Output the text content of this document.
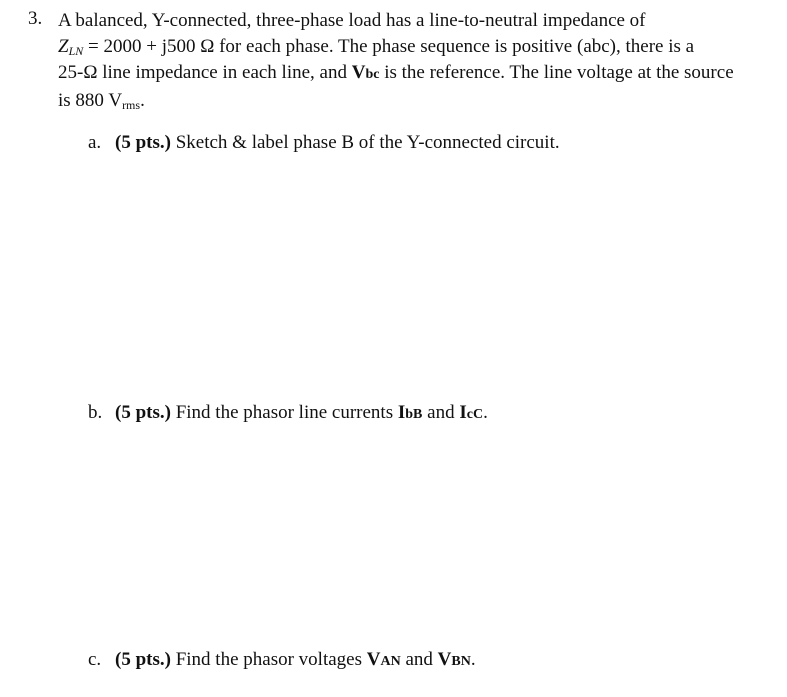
3. A balanced, Y-connected, three-phase load has a line-to-neutral impedance of
$Z_{LN} = 2000 + j500$ Ω for each phase. The phase sequence is positive (abc), there is a
25-Ω line impedance in each line, and Vbc is the reference. The line voltage at the source
is 880 $V_{rms}$.
a. (5 pts.) Sketch & label phase B of the Y-connected circuit.
b. (5 pts.) Find the phasor line currents IbB and IcC.
c. (5 pts.) Find the phasor voltages VAN and VBN.
